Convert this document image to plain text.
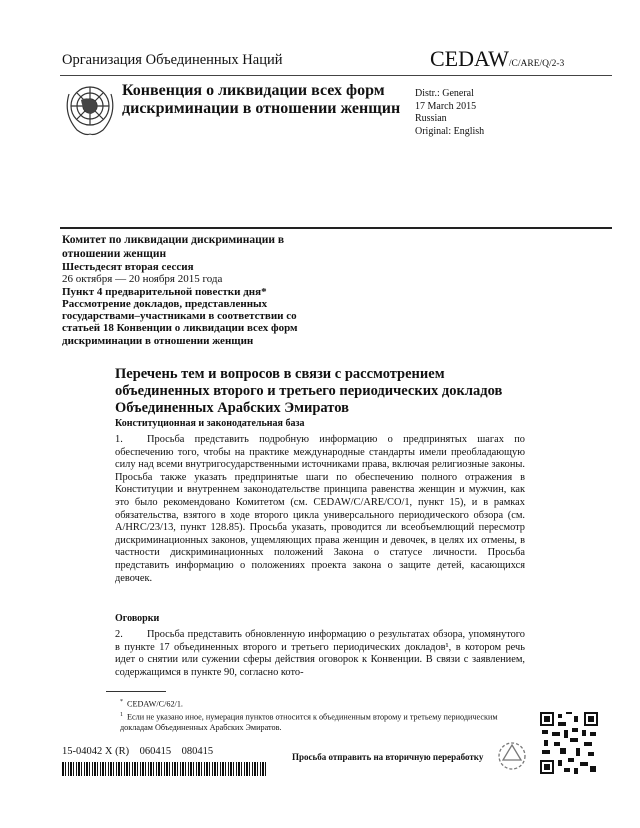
Организация Объединенных Наций	CEDAW/C/ARE/Q/2-3
Конвенция о ликвидации всех форм дискриминации в отношении женщин
Distr.: General
17 March 2015
Russian
Original: English
Комитет по ликвидации дискриминации в отношении женщин
Шестьдесят вторая сессия
26 октября — 20 ноября 2015 года
Пункт 4 предварительной повестки дня*
Рассмотрение докладов, представленных государствами–участниками в соответствии со статьей 18 Конвенции о ликвидации всех форм дискриминации в отношении женщин
Перечень тем и вопросов в связи с рассмотрением объединенных второго и третьего периодических докладов Объединенных Арабских Эмиратов
Конституционная и законодательная база
1. Просьба представить подробную информацию о предпринятых шагах по обеспечению того, чтобы на практике международные стандарты имели преобладающую силу над всеми внутригосударственными источниками права, включая религиозные законы. Просьба также указать предпринятые шаги по обеспечению полного отражения в Конституции и внутреннем законодательстве принципа равенства женщин и мужчин, как это было рекомендовано Комитетом (см. CEDAW/C/ARE/CO/1, пункт 15), и в рамках обязательства, взятого в ходе второго цикла универсального периодического обзора (см. A/HRC/23/13, пункт 128.85). Просьба указать, проводится ли всеобъемлющий пересмотр дискриминационных законов, ущемляющих права женщин и девочек, в целях их отмены, в частности дискриминационных положений Закона о статусе личности. Просьба представить информацию о положениях проекта закона о защите детей, касающихся девочек.
Оговорки
2. Просьба представить обновленную информацию о результатах обзора, упомянутого в пункте 17 объединенных второго и третьего периодических докладов¹, в котором речь идет о снятии или сужении сферы действия оговорок к Конвенции. В связи с заявлением, содержащимся в пункте 90, согласно кото-
* CEDAW/C/62/1.
$^1$ Если не указано иное, нумерация пунктов относится к объединенным второму и третьему периодическим докладам Объединенных Арабских Эмиратов.
15-04042 X (R)    060415    080415	Просьба отправить на вторичную переработку
